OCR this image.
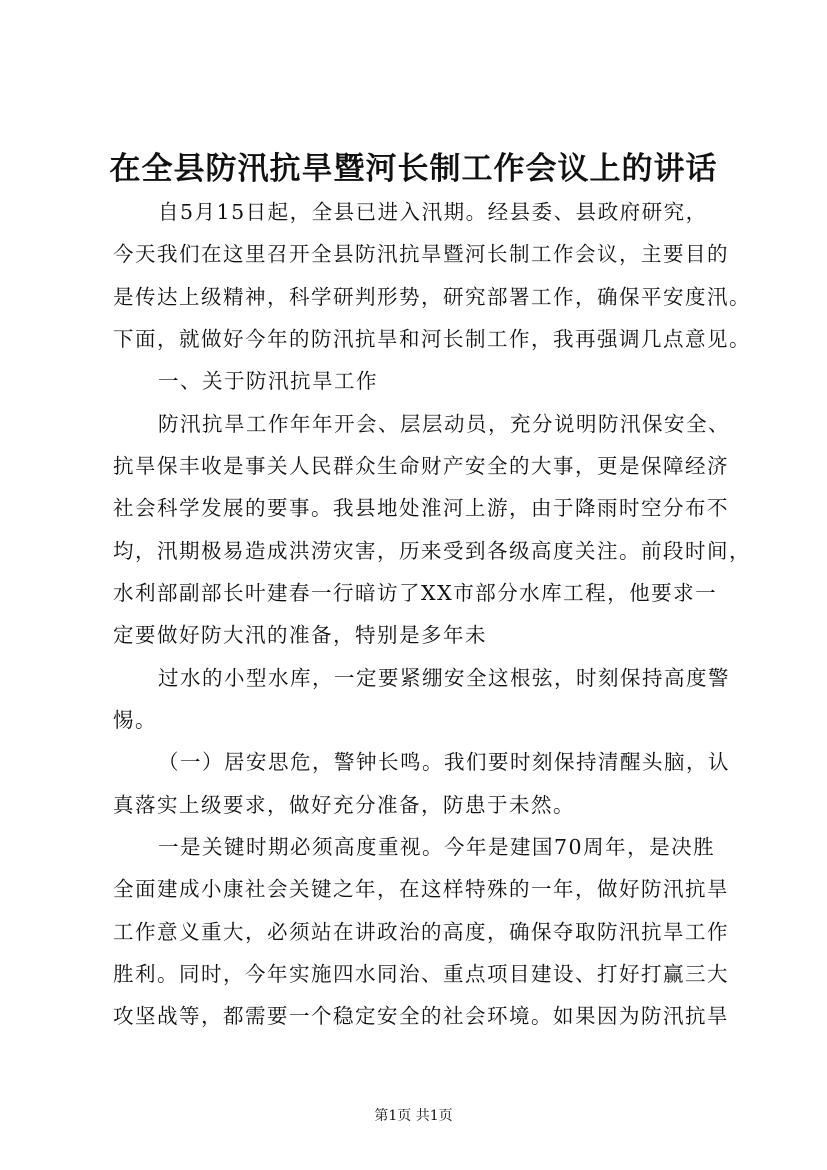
在全县防汛抗旱暨河长制工作会议上的讲话
自5月15日起，全县已进入汛期。经县委、县政府研究，
今天我们在这里召开全县防汛抗旱暨河长制工作会议，主要目的
是传达上级精神，科学研判形势，研究部署工作，确保平安度汛。
下面，就做好今年的防汛抗旱和河长制工作，我再强调几点意见。
一、关于防汛抗旱工作
防汛抗旱工作年年开会、层层动员，充分说明防汛保安全、
抗旱保丰收是事关人民群众生命财产安全的大事，更是保障经济
社会科学发展的要事。我县地处淮河上游，由于降雨时空分布不
均，汛期极易造成洪涝灾害，历来受到各级高度关注。前段时间，
水利部副部长叶建春一行暗访了XX市部分水库工程，他要求一
定要做好防大汛的准备，特别是多年未
过水的小型水库，一定要紧绷安全这根弦，时刻保持高度警
惕。
（一）居安思危，警钟长鸣。我们要时刻保持清醒头脑，认
真落实上级要求，做好充分准备，防患于未然。
一是关键时期必须高度重视。今年是建国70周年，是决胜
全面建成小康社会关键之年，在这样特殊的一年，做好防汛抗旱
工作意义重大，必须站在讲政治的高度，确保夺取防汛抗旱工作
胜利。同时，今年实施四水同治、重点项目建设、打好打赢三大
攻坚战等，都需要一个稳定安全的社会环境。如果因为防汛抗旱
第1页 共1页
